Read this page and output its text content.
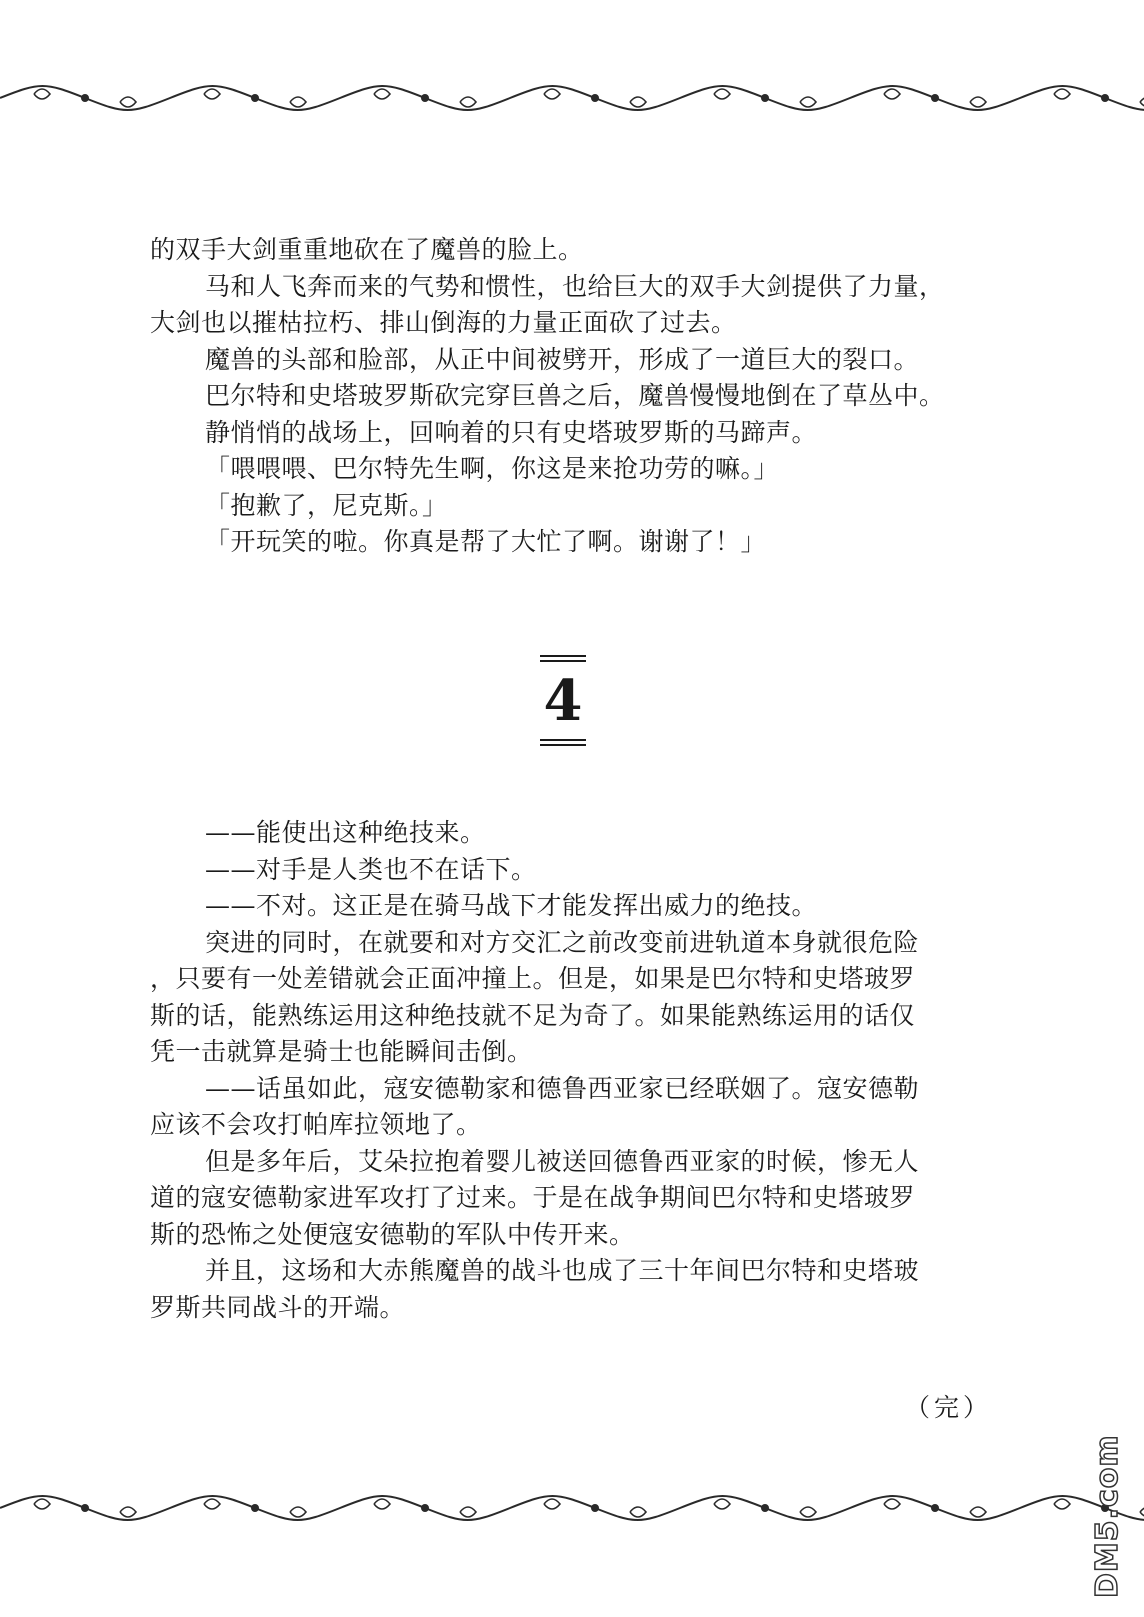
的双手大剑重重地砍在了魔兽的脸上。

马和人飞奔而来的气势和惯性，也给巨大的双手大剑提供了力量，

大剑也以摧枯拉朽、排山倒海的力量正面砍了过去。

魔兽的头部和脸部，从正中间被劈开，形成了一道巨大的裂口。

巴尔特和史塔玻罗斯砍完穿巨兽之后，魔兽慢慢地倒在了草丛中。

静悄悄的战场上，回响着的只有史塔玻罗斯的马蹄声。

「喂喂喂、巴尔特先生啊，你这是来抢功劳的嘛。」

「抱歉了，尼克斯。」

「开玩笑的啦。你真是帮了大忙了啊。谢谢了！」

4

——能使出这种绝技来。

——对手是人类也不在话下。

——不对。这正是在骑马战下才能发挥出威力的绝技。

突进的同时，在就要和对方交汇之前改变前进轨道本身就很危险

，只要有一处差错就会正面冲撞上。但是，如果是巴尔特和史塔玻罗

斯的话，能熟练运用这种绝技就不足为奇了。如果能熟练运用的话仅

凭一击就算是骑士也能瞬间击倒。

——话虽如此，寇安德勒家和德鲁西亚家已经联姻了。寇安德勒

应该不会攻打帕库拉领地了。

但是多年后，艾朵拉抱着婴儿被送回德鲁西亚家的时候，惨无人

道的寇安德勒家进军攻打了过来。于是在战争期间巴尔特和史塔玻罗

斯的恐怖之处便寇安德勒的军队中传开来。

并且，这场和大赤熊魔兽的战斗也成了三十年间巴尔特和史塔玻

罗斯共同战斗的开端。

（完）
DM5.com
